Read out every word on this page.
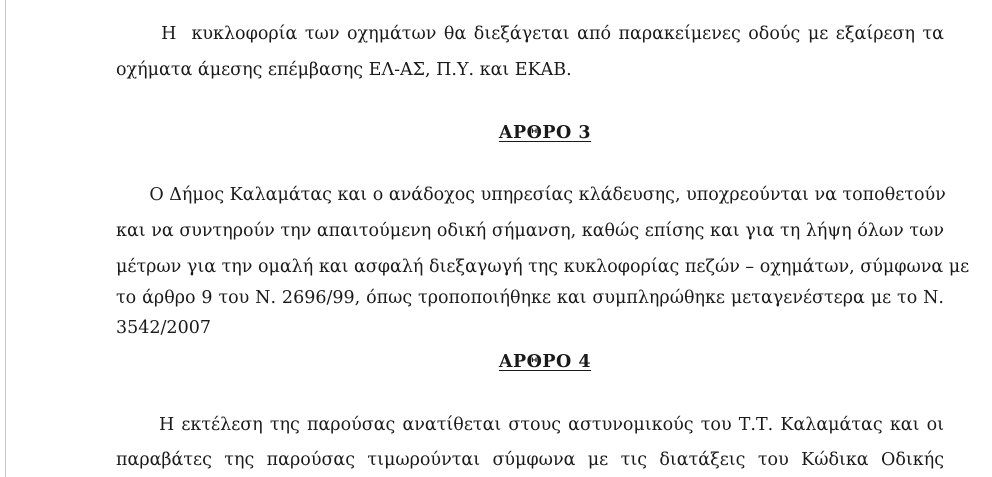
Η  κυκλοφορία των οχημάτων θα διεξάγεται από παρακείμενες οδούς με εξαίρεση τα
οχήματα άμεσης επέμβασης ΕΛ-ΑΣ, Π.Υ. και ΕΚΑΒ.
ΑΡΘΡΟ 3
Ο Δήμος Καλαμάτας και ο ανάδοχος υπηρεσίας κλάδευσης, υποχρεούνται να τοποθετούν
και να συντηρούν την απαιτούμενη οδική σήμανση, καθώς επίσης και για τη λήψη όλων των
μέτρων για την ομαλή και ασφαλή διεξαγωγή της κυκλοφορίας πεζών – οχημάτων, σύμφωνα με
το άρθρο 9 του Ν. 2696/99, όπως τροποποιήθηκε και συμπληρώθηκε μεταγενέστερα με το Ν.
3542/2007
ΑΡΘΡΟ 4
Η εκτέλεση της παρούσας ανατίθεται στους αστυνομικούς του Τ.Τ. Καλαμάτας και οι
παραβάτες της παρούσας τιμωρούνται σύμφωνα με τις διατάξεις του Κώδικα Οδικής
